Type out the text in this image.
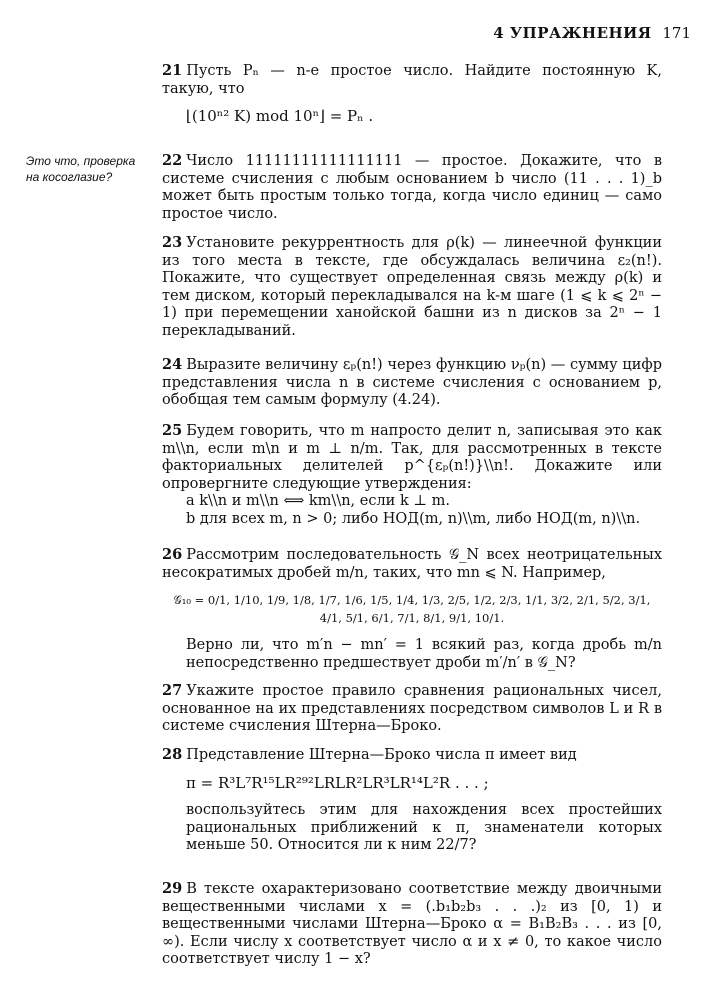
4 УПРАЖНЕНИЯ 171
Это что, проверка на косоглазие?
21 Пусть Pₙ — n-е простое число. Найдите постоянную K, такую, что
⌊(10ⁿ² K) mod 10ⁿ⌋ = Pₙ .
22 Число 11111111111111111 — простое. Докажите, что в системе счисления с любым основанием b число (11 . . . 1)_b может быть простым только тогда, когда число единиц — само простое число.
23 Установите рекуррентность для ρ(k) — линеечной функции из того места в тексте, где обсуждалась величина ε₂(n!). Покажите, что существует определенная связь между ρ(k) и тем диском, который перекладывался на k-м шаге (1 ⩽ k ⩽ 2ⁿ − 1) при перемещении ханойской башни из n дисков за 2ⁿ − 1 перекладываний.
24 Выразите величину εₚ(n!) через функцию νₚ(n) — сумму цифр представления числа n в системе счисления с основанием p, обобщая тем самым формулу (4.24).
25 Будем говорить, что m напросто делит n, записывая это как m\\n, если m\n и m ⊥ n/m. Так, для рассмотренных в тексте факториальных делителей p^{εₚ(n!)}\\n!. Докажите или опровергните следующие утверждения:
a k\\n и m\\n ⟺ km\\n, если k ⊥ m.
b для всех m, n > 0; либо НОД(m, n)\\m, либо НОД(m, n)\\n.
26 Рассмотрим последовательность 𝒢_N всех неотрицательных несократимых дробей m/n, таких, что mn ⩽ N. Например,
𝒢₁₀ = 0/1, 1/10, 1/9, 1/8, 1/7, 1/6, 1/5, 1/4, 1/3, 2/5, 1/2, 2/3, 1/1, 3/2, 2/1, 5/2, 3/1, 4/1, 5/1, 6/1, 7/1, 8/1, 9/1, 10/1.
Верно ли, что m′n − mn′ = 1 всякий раз, когда дробь m/n непосредственно предшествует дроби m′/n′ в 𝒢_N?
27 Укажите простое правило сравнения рациональных чисел, основанное на их представлениях посредством символов L и R в системе счисления Штерна—Броко.
28 Представление Штерна—Броко числа π имеет вид
π = R³L⁷R¹⁵LR²⁹²LRLR²LR³LR¹⁴L²R . . . ;
воспользуйтесь этим для нахождения всех простейших рациональных приближений к π, знаменатели которых меньше 50. Относится ли к ним 22/7?
29 В тексте охарактеризовано соответствие между двоичными вещественными числами x = (.b₁b₂b₃ . . .)₂ из [0, 1) и вещественными числами Штерна—Броко α = B₁B₂B₃ . . . из [0, ∞). Если числу x соответствует число α и x ≠ 0, то какое число соответствует числу 1 − x?
